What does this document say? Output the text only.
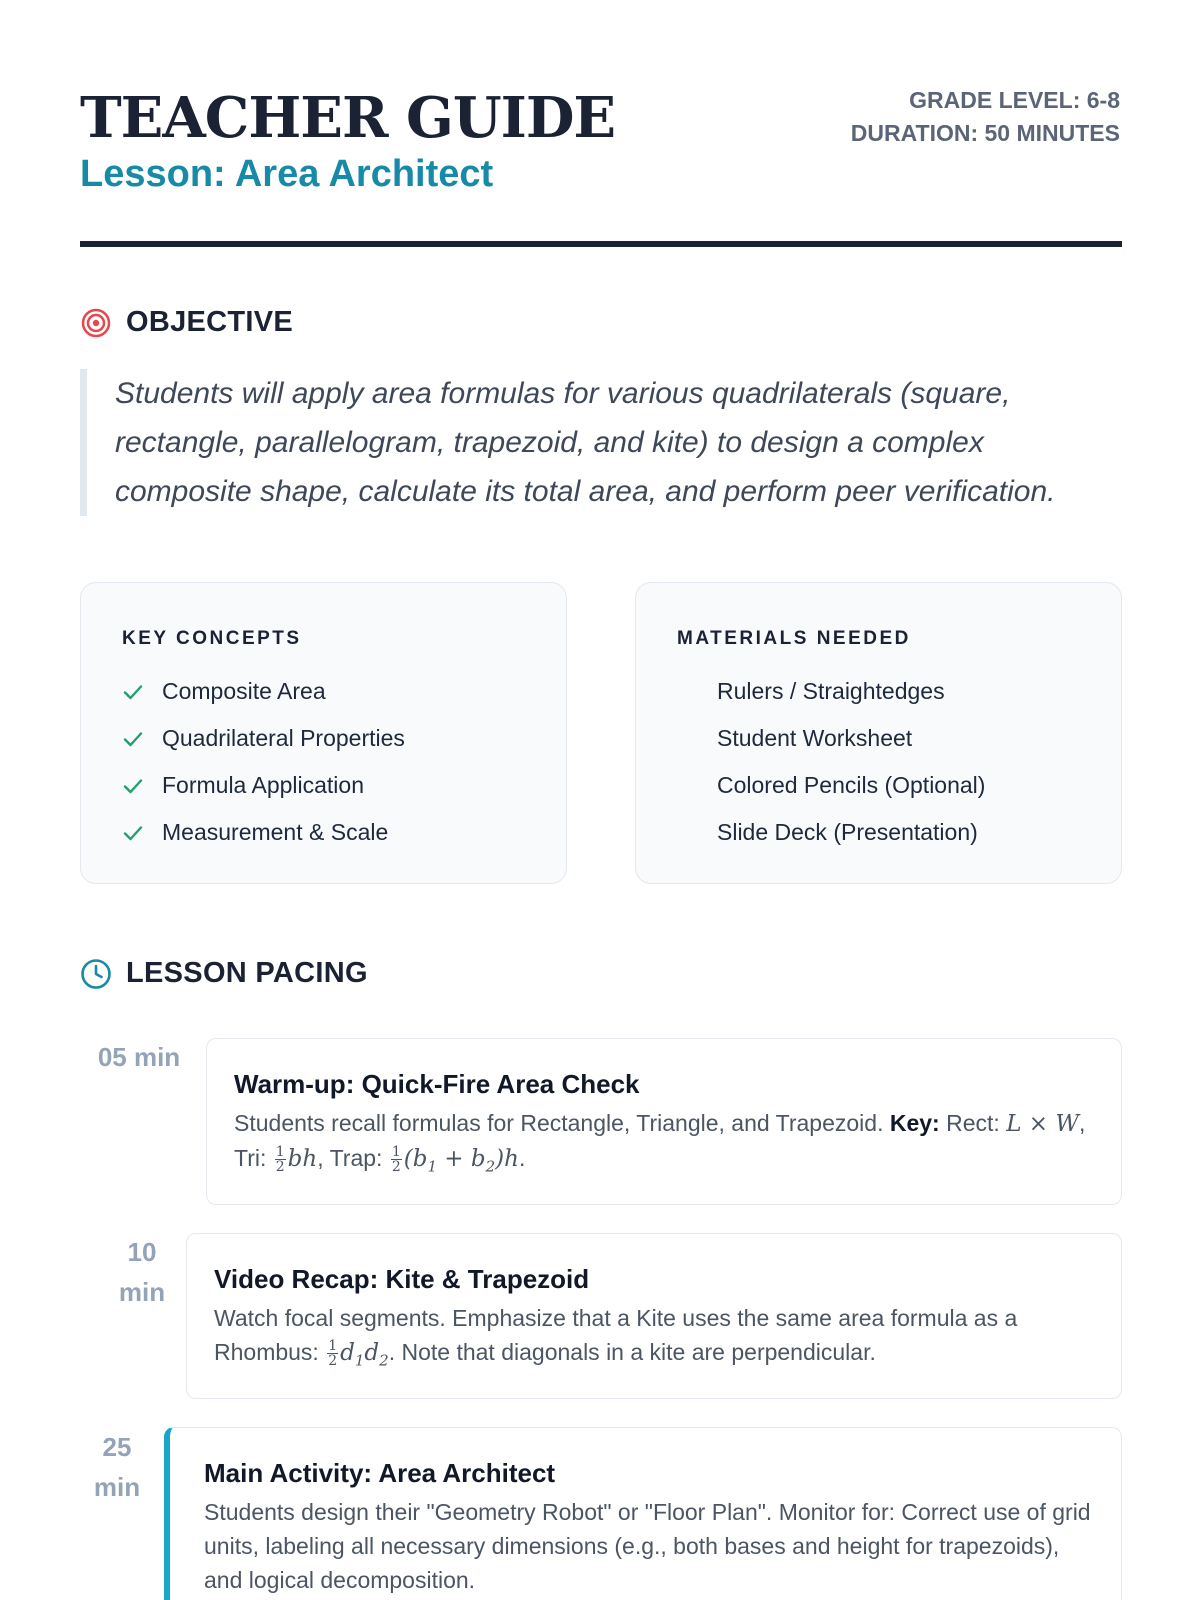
TEACHER GUIDE
Lesson: Area Architect
GRADE LEVEL: 6-8
DURATION: 50 MINUTES
OBJECTIVE
Students will apply area formulas for various quadrilaterals (square, rectangle, parallelogram, trapezoid, and kite) to design a complex composite shape, calculate its total area, and perform peer verification.
KEY CONCEPTS
Composite Area
Quadrilateral Properties
Formula Application
Measurement & Scale
MATERIALS NEEDED
Rulers / Straightedges
Student Worksheet
Colored Pencils (Optional)
Slide Deck (Presentation)
LESSON PACING
05 min
Warm-up: Quick-Fire Area Check
Students recall formulas for Rectangle, Triangle, and Trapezoid. Key: Rect: L × W, Tri: $\frac{1}{2}$ bh, Trap: $\frac{1}{2} (b_1 + b_2)h$.
10
min	Video Recap: Kite & Trapezoid
Watch focal segments. Emphasize that a Kite uses the same area formula as a Rhombus: $\frac{1}{2} d_1d_2$. Note that diagonals in a kite are perpendicular.
25
min	Main Activity: Area Architect
Students design their "Geometry Robot" or "Floor Plan". Monitor for: Correct use of grid units, labeling all necessary dimensions (e.g., both bases and height for trapezoids), and logical decomposition.
